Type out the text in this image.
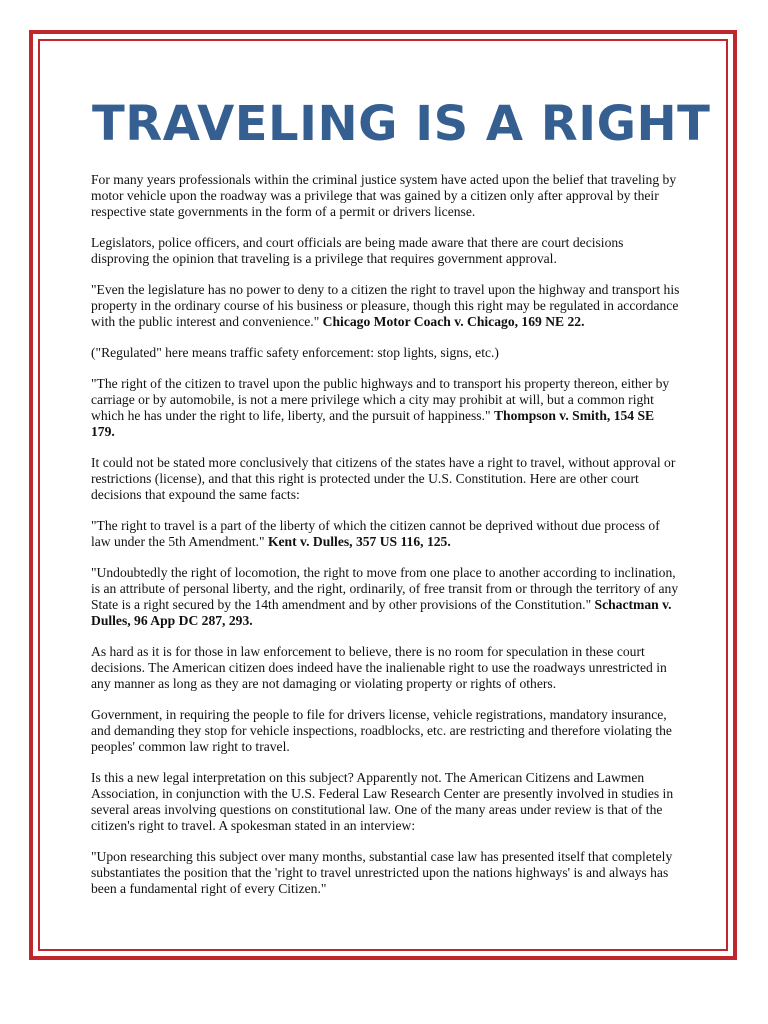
TRAVELING IS A RIGHT

For many years professionals within the criminal justice system have acted upon the belief that traveling by motor vehicle upon the roadway was a privilege that was gained by a citizen only after approval by their respective state governments in the form of a permit or drivers license.

Legislators, police officers, and court officials are being made aware that there are court decisions disproving the opinion that traveling is a privilege that requires government approval.

"Even the legislature has no power to deny to a citizen the right to travel upon the highway and transport his property in the ordinary course of his business or pleasure, though this right may be regulated in accordance with the public interest and convenience." Chicago Motor Coach v. Chicago, 169 NE 22.

("Regulated" here means traffic safety enforcement: stop lights, signs, etc.)

"The right of the citizen to travel upon the public highways and to transport his property thereon, either by carriage or by automobile, is not a mere privilege which a city may prohibit at will, but a common right which he has under the right to life, liberty, and the pursuit of happiness." Thompson v. Smith, 154 SE 179.

It could not be stated more conclusively that citizens of the states have a right to travel, without approval or restrictions (license), and that this right is protected under the U.S. Constitution. Here are other court decisions that expound the same facts:

"The right to travel is a part of the liberty of which the citizen cannot be deprived without due process of law under the 5th Amendment." Kent v. Dulles, 357 US 116, 125.

"Undoubtedly the right of locomotion, the right to move from one place to another according to inclination, is an attribute of personal liberty, and the right, ordinarily, of free transit from or through the territory of any State is a right secured by the 14th amendment and by other provisions of the Constitution." Schactman v. Dulles, 96 App DC 287, 293.

As hard as it is for those in law enforcement to believe, there is no room for speculation in these court decisions. The American citizen does indeed have the inalienable right to use the roadways unrestricted in any manner as long as they are not damaging or violating property or rights of others.

Government, in requiring the people to file for drivers license, vehicle registrations, mandatory insurance, and demanding they stop for vehicle inspections, roadblocks, etc. are restricting and therefore violating the peoples' common law right to travel.

Is this a new legal interpretation on this subject? Apparently not. The American Citizens and Lawmen Association, in conjunction with the U.S. Federal Law Research Center are presently involved in studies in several areas involving questions on constitutional law. One of the many areas under review is that of the citizen's right to travel. A spokesman stated in an interview:

"Upon researching this subject over many months, substantial case law has presented itself that completely substantiates the position that the 'right to travel unrestricted upon the nations highways' is and always has been a fundamental right of every Citizen."
